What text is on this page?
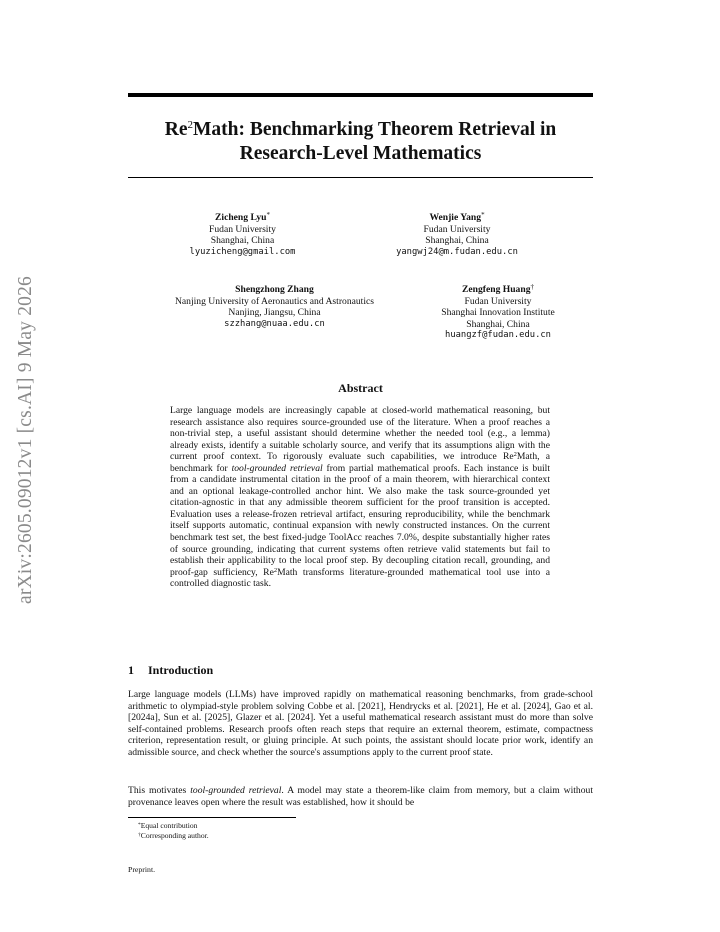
arXiv:2605.09012v1 [cs.AI] 9 May 2026
Re$^2$Math: Benchmarking Theorem Retrieval in
Research-Level Mathematics
Zicheng Lyu*
Fudan University
Shanghai, China
lyuzicheng@gmail.com
Wenjie Yang*
Fudan University
Shanghai, China
yangwj24@m.fudan.edu.cn
Shengzhong Zhang
Nanjing University of Aeronautics and Astronautics
Nanjing, Jiangsu, China
szzhang@nuaa.edu.cn
Zengfeng Huang†
Fudan University
Shanghai Innovation Institute
Shanghai, China
huangzf@fudan.edu.cn
Abstract
Large language models are increasingly capable at closed-world mathematical reasoning, but research assistance also requires source-grounded use of the literature. When a proof reaches a non-trivial step, a useful assistant should determine whether the needed tool (e.g., a lemma) already exists, identify a suitable scholarly source, and verify that its assumptions align with the current proof context. To rigorously evaluate such capabilities, we introduce Re$^2$Math, a benchmark for tool-grounded retrieval from partial mathematical proofs. Each instance is built from a candidate instrumental citation in the proof of a main theorem, with hierarchical context and an optional leakage-controlled anchor hint. We also make the task source-grounded yet citation-agnostic in that any admissible theorem sufficient for the proof transition is accepted. Evaluation uses a release-frozen retrieval artifact, ensuring reproducibility, while the benchmark itself supports automatic, continual expansion with newly constructed instances. On the current benchmark test set, the best fixed-judge ToolAcc reaches 7.0%, despite substantially higher rates of source grounding, indicating that current systems often retrieve valid statements but fail to establish their applicability to the local proof step. By decoupling citation recall, grounding, and proof-gap sufficiency, Re$^2$Math transforms literature-grounded mathematical tool use into a controlled diagnostic task.
1 Introduction
Large language models (LLMs) have improved rapidly on mathematical reasoning benchmarks, from grade-school arithmetic to olympiad-style problem solving Cobbe et al. [2021], Hendrycks et al. [2021], He et al. [2024], Gao et al. [2024a], Sun et al. [2025], Glazer et al. [2024]. Yet a useful mathematical research assistant must do more than solve self-contained problems. Research proofs often reach steps that require an external theorem, estimate, compactness criterion, representation result, or gluing principle. At such points, the assistant should locate prior work, identify an admissible source, and check whether the source's assumptions apply to the current proof state.
This motivates tool-grounded retrieval. A model may state a theorem-like claim from memory, but a claim without provenance leaves open where the result was established, how it should be
*Equal contribution
†Corresponding author.
Preprint.
